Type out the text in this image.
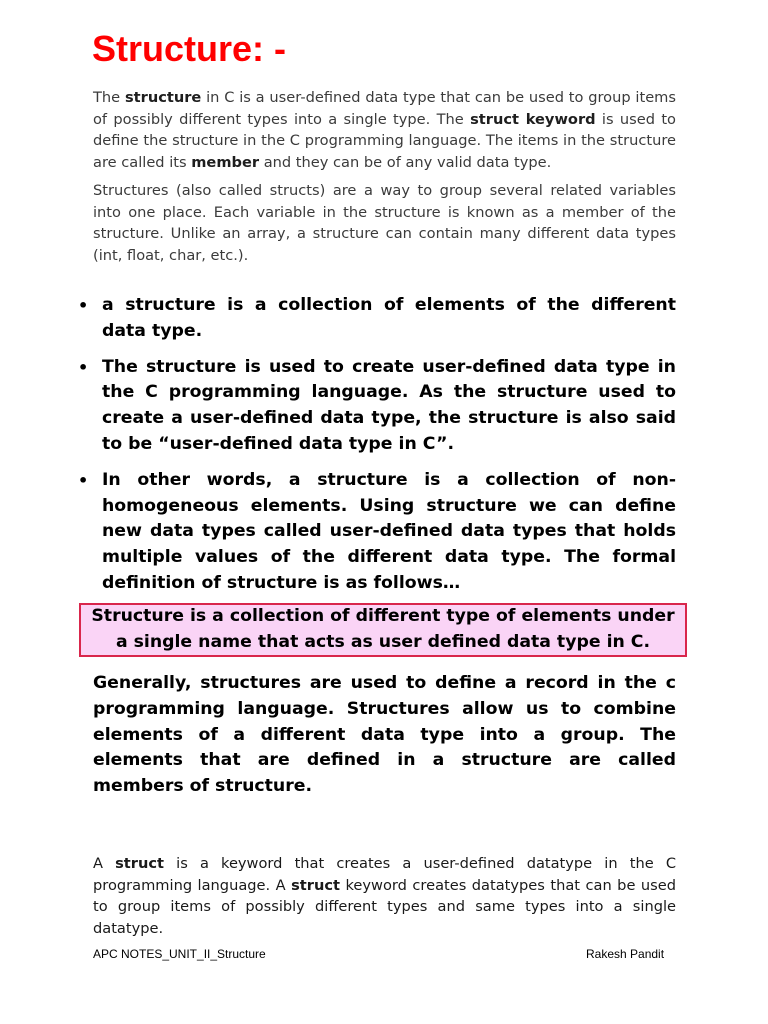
Structure: -

The structure in C is a user-defined data type that can be used to group items of possibly different types into a single type. The struct keyword is used to define the structure in the C programming language. The items in the structure are called its member and they can be of any valid data type.

Structures (also called structs) are a way to group several related variables into one place. Each variable in the structure is known as a member of the structure. Unlike an array, a structure can contain many different data types (int, float, char, etc.).

• a structure is a collection of elements of the different data type.
• The structure is used to create user-defined data type in the C programming language. As the structure used to create a user-defined data type, the structure is also said to be “user-defined data type in C”.
• In other words, a structure is a collection of non-homogeneous elements. Using structure we can define new data types called user-defined data types that holds multiple values of the different data type. The formal definition of structure is as follows…
Structure is a collection of different type of elements under a single name that acts as user defined data type in C.

Generally, structures are used to define a record in the c programming language. Structures allow us to combine elements of a different data type into a group. The elements that are defined in a structure are called members of structure.

A struct is a keyword that creates a user-defined datatype in the C programming language. A struct keyword creates datatypes that can be used to group items of possibly different types and same types into a single datatype.

APC NOTES_UNIT_II_Structure	Rakesh Pandit
